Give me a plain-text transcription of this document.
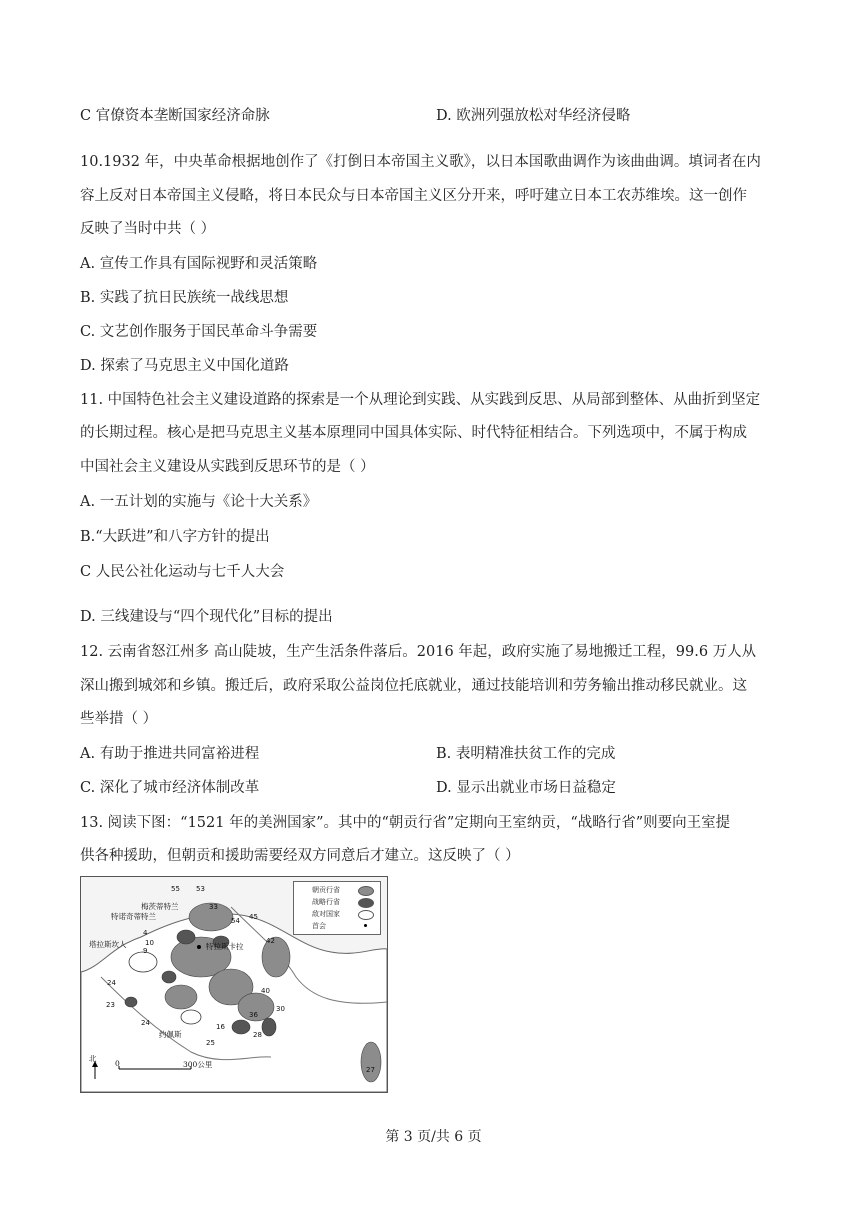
C 官僚资本垄断国家经济命脉	D. 欧洲列强放松对华经济侵略
10.1932 年，中央革命根据地创作了《打倒日本帝国主义歌》，以日本国歌曲调作为该曲曲调。填词者在内
容上反对日本帝国主义侵略，将日本民众与日本帝国主义区分开来，呼吁建立日本工农苏维埃。这一创作
反映了当时中共（ ）
A. 宣传工作具有国际视野和灵活策略
B. 实践了抗日民族统一战线思想
C. 文艺创作服务于国民革命斗争需要
D. 探索了马克思主义中国化道路
11. 中国特色社会主义建设道路的探索是一个从理论到实践、从实践到反思、从局部到整体、从曲折到坚定
的长期过程。核心是把马克思主义基本原理同中国具体实际、时代特征相结合。下列选项中，不属于构成
中国社会主义建设从实践到反思环节的是（ ）
A. 一五计划的实施与《论十大关系》
B.“大跃进”和八字方针的提出
C 人民公社化运动与七千人大会
D. 三线建设与“四个现代化”目标的提出
12. 云南省怒江州多 高山陡坡，生产生活条件落后。2016 年起，政府实施了易地搬迁工程，99.6 万人从
深山搬到城郊和乡镇。搬迁后，政府采取公益岗位托底就业，通过技能培训和劳务输出推动移民就业。这
些举措（ ）
A. 有助于推进共同富裕进程	B. 表明精准扶贫工作的完成
C. 深化了城市经济体制改革	D. 显示出就业市场日益稳定
13. 阅读下图：“1521 年的美洲国家”。其中的“朝贡行省”定期向王室纳贡，“战略行省”则要向王室提
供各种援助，但朝贡和援助需要经双方同意后才建立。这反映了（ ）
55 53
33
45
54
42
4
10
9
24
23
40
30
36
24
25
28
27
16
梅茨蒂特兰
特诺奇蒂特兰
塔拉斯坎人	特拉斯卡拉
约佩斯
北
0	300公里
朝贡行省
战略行省
敌对国家
首会
第 3 页/共 6 页
